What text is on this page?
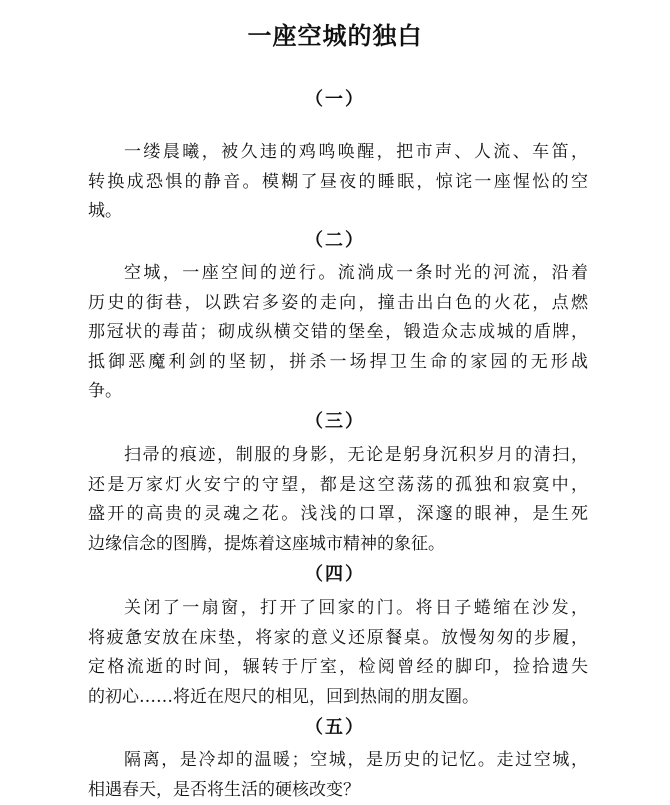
一座空城的独白
（一）
一缕晨曦，被久违的鸡鸣唤醒，把市声、人流、车笛，
转换成恐惧的静音。模糊了昼夜的睡眠，惊诧一座惺忪的空
城。
（二）
空城，一座空间的逆行。流淌成一条时光的河流，沿着
历史的街巷，以跌宕多姿的走向，撞击出白色的火花，点燃
那冠状的毒苗；砌成纵横交错的堡垒，锻造众志成城的盾牌，
抵御恶魔利剑的坚韧，拼杀一场捍卫生命的家园的无形战
争。
（三）
扫帚的痕迹，制服的身影，无论是躬身沉积岁月的清扫，
还是万家灯火安宁的守望，都是这空荡荡的孤独和寂寞中，
盛开的高贵的灵魂之花。浅浅的口罩，深邃的眼神，是生死
边缘信念的图腾，提炼着这座城市精神的象征。
（四）
关闭了一扇窗，打开了回家的门。将日子蜷缩在沙发，
将疲惫安放在床垫，将家的意义还原餐桌。放慢匆匆的步履，
定格流逝的时间，辗转于厅室，检阅曾经的脚印，捡拾遗失
的初心……将近在咫尺的相见，回到热闹的朋友圈。
（五）
隔离，是冷却的温暖；空城，是历史的记忆。走过空城，
相遇春天，是否将生活的硬核改变？
